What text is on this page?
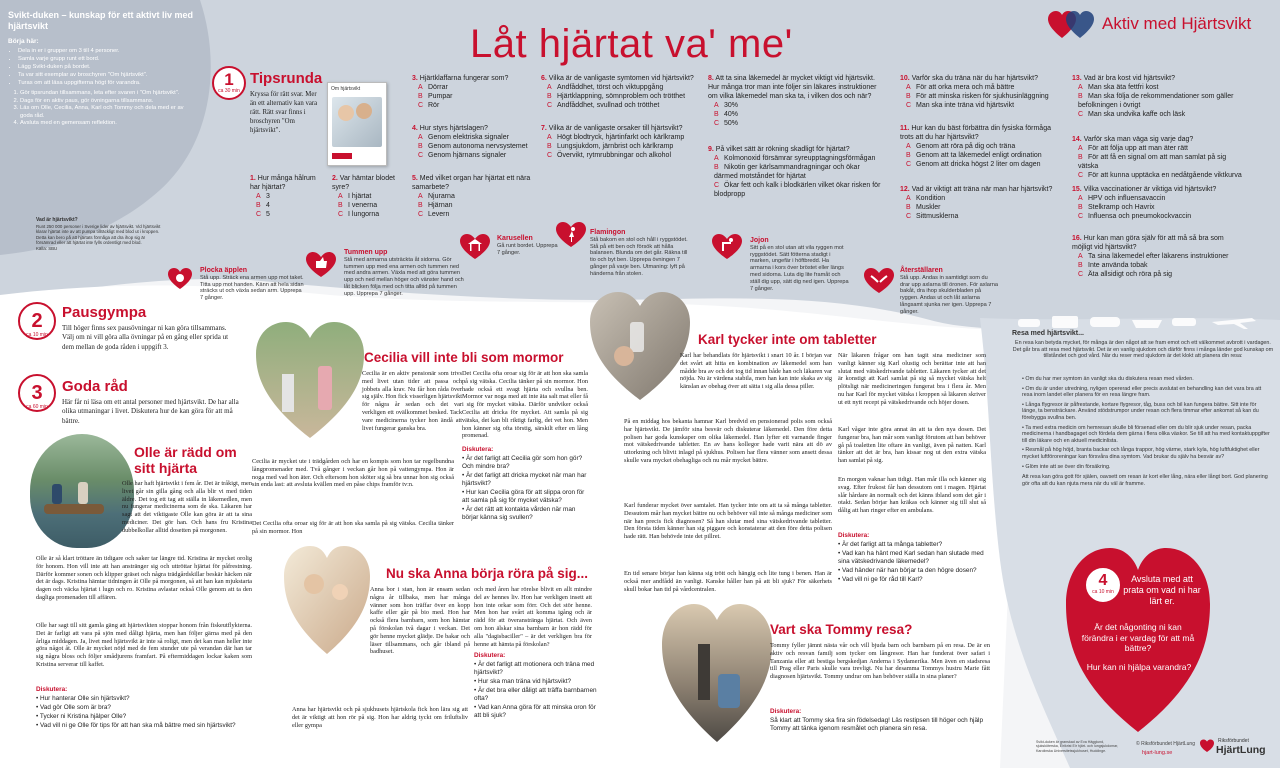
Svikt-duken – kunskap för ett aktivt liv med hjärtsvikt
Börja här:
• Dela in er i grupper om 3 till 4 personer.
• Samla varje grupp runt ett bord.
• Lägg Svikt-duken på bordet.
• Ta var sitt exemplar av broschyren "Om hjärtsvikt".
• Turas om att läsa uppgifterna högt för varandra.
1. Gör tipsrundan tillsammans, leta efter svaren i "Om hjärtsvikt".
2. Dags för en aktiv paus, gör övningarna tillsammans.
3. Läs om Olle, Cecilia, Anna, Karl och Tommy och dela med er av goda råd.
4. Avsluta med en gemensam reflektion.
Vad är hjärtsvikt?
Runt 250 000 personer i Sverige lider av hjärtsvikt. Vid hjärtsvikt klarar hjärtat inte av att pumpa tillräckligt med blod ut i kroppen. Detta kan bero på att hjärtats förmåga att dra ihop sig är försämrad eller att hjärtat inte fylls ordentligt med blod.
Källa: SBU
Låt hjärtat va' me'	Aktiv med Hjärtsvikt
1
ca 30 min
Tipsrunda
Kryssa för rätt svar. Mer än ett alternativ kan vara rätt. Rätt svar finns i broschyren "Om hjärtsvikt".
Om hjärtsvikt
1. Hur många hålrum har hjärtat?
A 3
B 4
C 5
2. Var hämtar blodet syre?
A I hjärtat
B I venerna
C I lungorna
3. Hjärtklaffarna fungerar som?
A Dörrar
B Pumpar
C Rör
4. Hur styrs hjärtslagen?
A Genom elektriska signaler
B Genom autonoma nervsystemet
C Genom hjärnans signaler
5. Med vilket organ har hjärtat ett nära samarbete?
A Njurarna
B Hjärnan
C Levern
6. Vilka är de vanligaste symtomen vid hjärtsvikt?
A Andfåddhet, törst och viktuppgång
B Hjärtklappning, sömnproblem och trötthet
C Andfåddhet, svullnad och trötthet
7. Vilka är de vanligaste orsaker till hjärtsvikt?
A Högt blodtryck, hjärtinfarkt och kärlkramp
B Lungsjukdom, järnbrist och kärlkramp
C Övervikt, rytmrubbningar och alkohol
8. Att ta sina läkemedel är mycket viktigt vid hjärtsvikt. Hur många tror man inte följer sin läkares instruktioner om vilka läkemedel man ska ta, i vilken dos och när?
A 30%
B 40%
C 50%
9. På vilket sätt är rökning skadligt för hjärtat?
A Kolmonoxid försämrar syreupptagningsförmågan
B Nikotin ger kärlsammandragningar och ökar därmed motståndet för hjärtat
C Ökar fett och kalk i blodkärlen vilket ökar risken för blodpropp
10. Varför ska du träna när du har hjärtsvikt?
A För att orka mera och må bättre
B För att minska risken för sjukhusinläggning
C Man ska inte träna vid hjärtsvikt
11. Hur kan du bäst förbättra din fysiska förmåga trots att du har hjärtsvikt?
A Genom att röra på dig och träna
B Genom att ta läkemedel enligt ordination
C Genom att dricka högst 2 liter om dagen
12. Vad är viktigt att träna när man har hjärtsvikt?
A Kondition
B Muskler
C Sittmusklerna
13. Vad är bra kost vid hjärtsvikt?
A Man ska äta fettfri kost
B Man ska följa de rekommendationer som gäller befolkningen i övrigt
C Man ska undvika kaffe och läsk
14. Varför ska man väga sig varje dag?
A För att följa upp att man äter rätt
B För att få en signal om att man samlat på sig vätska
C För att kunna upptäcka en nedåtgående viktkurva
15. Vilka vaccinationer är viktiga vid hjärtsvikt?
A HPV och influensavaccin
B Stelkramp och Havrix
C Influensa och pneumokockvaccin
16. Hur kan man göra själv för att må så bra som möjligt vid hjärtsvikt?
A Ta sina läkemedel efter läkarens instruktioner
B Inte använda tobak
C Äta allsidigt och röra på sig
2
ca 10 min
Pausgympa
Till höger finns sex pausövningar ni kan göra tillsammans. Välj om ni vill göra alla övningar på en gång eller sprida ut dem mellan de goda råden i uppgift 3.
3
ca 60 min
Goda råd
Här får ni läsa om ett antal personer med hjärtsvikt. De har alla olika utmaningar i livet. Diskutera hur de kan göra för att må bättre.
Plocka äpplen
Stå upp. Sträck ena armen upp mot taket. Titta upp mot handen. Känn att hela sidan sträcks ut och växla sedan arm. Upprepa 7 gånger.
Tummen upp
Stå med armarna utsträckta åt sidorna. Gör tummen upp med ena armen och tummen ned med andra armen. Växla med att göra tummen upp och ned mellan höger och vänster hand och låt blicken följa med och titta alltid på tummen upp. Upprepa 7 gånger.
Karusellen
Gå runt bordet. Upprepa 7 gånger.
Flamingon
Stå bakom en stol och håll i ryggstödet. Stå på ett ben och försök att hålla balansen. Blunda om det går. Räkna till tio och byt ben. Upprepa övningen 7 gånger på varje ben. Utmaning: lyft på händerna från stolen.
Jojon
Sitt på en stol utan att vila ryggen mot ryggstödet. Sätt fötterna stadigt i marken, ungefär i höftbredd. Ha armarna i kors över bröstet eller längs med sidorna. Luta dig lite framåt och ställ dig upp, sätt dig ned igen. Upprepa 7 gånger.
Återställaren
Stå upp. Andas in samtidigt som du drar upp axlarna till öronen. För axlarna bakåt, dra ihop skulderbladen på ryggen. Andas ut och låt axlarna långsamt sjunka ner igen. Upprepa 7 gånger.
Olle är rädd om sitt hjärta
Olle har haft hjärtsvikt i fem år. Det är tråkigt, men livet går sin gilla gång och alla blir vi med tiden äldre. Det tog ett tag att ställa in läkemedlen, men nu fungerar medicinerna som de ska. Läkaren har sagt att det viktigaste Olle kan göra är att ta sina mediciner. Det gör han. Och hans fru Kristina dubbelkollar alltid dosetten på morgonen.
Olle är så klart tröttare än tidigare och saker tar längre tid. Kristina är mycket orolig för honom. Hon vill inte att han anstränger sig och uttröttar hjärtat för påfrestning. Därför kommer sonen och klipper gräset och några trädgårdskillar beskär häcken när det är dags. Kristina hämtar tidningen åt Olle på morgonen, så att han kan mjukstarta dagen och väcka hjärtat i lugn och ro. Kristina avlastar också Olle genom att ta den dagliga promenaden till affären.
Olle har sagt till sitt gamla gäng att hjärtsvikten stoppar honom från fiskeutflykterna. Det är farligt att vara på sjön med dåligt hjärta, men han följer gärna med på den årliga middagen. Ja, livet med hjärtsvikt är inte så roligt, men det kan man heller inte göra något åt. Olle är mycket nöjd med de fem stunder ute på verandan där han tar sig några bloss och följer smådjurens framfart. På eftermiddagen lockar kaken som Kristina serverar till kaffet.
Diskutera:
• Hur hanterar Olle sin hjärtsvikt?
• Vad gör Olle som är bra?
• Tycker ni Kristina hjälper Olle?
• Vad vill ni ge Olle för tips för att han ska må bättre med sin hjärtsvikt?
Cecilia vill inte bli som mormor
Cecilia är en aktiv pensionär som trivs med livet utan tider att passa och jobbets alla krav. Nu får hon råda över sig själv. Hon fick visserligen hjärtsvikt för några år sedan och det var verkligen ett ovälkommet besked. Tack vare medicinerna tycker hon ändå att livet fungerar ganska bra.
Cecilia är mycket ute i trädgården och har en kompis som hon tar regelbundna långpromenader med. Två gånger i veckan går hon på vattengympa. Hon är noga med vad hon äter. Och eftersom hon sköter sig så bra unnar hon sig också sin enda last: att avsluta kvällen med en påse chips framför tv:n.
Det Cecilia ofta oroar sig för är att hon ska samla på sig vätska. Cecilia tänker på sin mormor. Hon
Det Cecilia ofta oroar sig för är att hon ska samla på sig vätska. Cecilia tänker på sin mormor. Hon hade också ett svagt hjärta och svullna ben. Mormor var noga med att inte äta salt mat eller få i sig för mycket vätska. Därför undviker också Cecilia att dricka för mycket. Att samla på sig vätska, det kan bli riktigt farlig, det vet hon. Men hon känner sig ofta törstig, särskilt efter en lång promenad.
Diskutera:
• Är det farligt att Cecilia gör som hon gör? Och mindre bra?
• Är det farligt att dricka mycket när man har hjärtsvikt?
• Hur kan Cecilia göra för att slippa oron för att samla på sig för mycket vätska?
• Är det rätt att kontakta vården när man börjar känna sig svullen?
Nu ska Anna börja röra på sig...
Anna bor i stan, hon är ensam sedan några år tillbaka, men har många vänner som hon träffar över en kopp kaffe eller går på bio med. Hon har också flera barnbarn, som hon hämtar på förskolan två dagar i veckan. Det gör henne mycket glädje. De bakar och läser tillsammans, och går ibland på badhuset.
Anna har hjärtsvikt och på sjukhusets hjärtskola fick hon lära sig att det är viktigt att hon rör på sig. Hon har aldrig tyckt om friluftsliv eller gympa
och med åren har rörelse blivit en allt mindre del av hennes liv. Hon har verkligen insett att hon inte orkar som förr. Och det stör henne. Men hon har svårt att komma igång och är rädd för att överanstränga hjärtat. Och även om hon älskar sina barnbarn är hon rädd för alla "dagisbaciller" – är det verkligen bra för henne att hämta på förskolan?
Diskutera:
• Är det farligt att motionera och träna med hjärtsvikt?
• Hur ska man träna vid hjärtsvikt?
• Är det bra eller dåligt att träffa barnbarnen ofta?
• Vad kan Anna göra för att minska oron för att bli sjuk?
Karl tycker inte om tabletter
Karl har behandlats för hjärtsvikt i snart 10 år. I början var det svårt att hitta en kombination av läkemedel som han mådde bra av och det tog tid innan både han och läkaren var nöjda. Nu är värdena stabila, men han kan inte skaka av sig känslan av obehag över att sätta i sig alla dessa piller.
På en middag hos bekanta hamnar Karl bredvid en pensionerad polis som också har hjärtsvikt. De jämför sina besvär och diskuterar läkemedel. Den före detta polisen har goda kunskaper om olika läkemedel. Han lyfter ett varnande finger mot vätskedrivande tabletter. En av hans kollegor hade varit nära att dö av uttorkning och blivit inlagd på sjukhus. Polisen har flera vänner som ansett dessa skulle vara mycket obehagliga och nu mår mycket bättre.
Karl funderar mycket över samtalet. Han tycker inte om att ta så många tabletter. Dessutom mår han mycket bättre nu och behöver väl inte så många mediciner som när han precis fick diagnosen? Så han slutar med sina vätskedrivande tabletter. Den första tiden känner han sig piggare och konstaterar att den före detta polisen hade rätt. Han behövde inte det pillret.
En tid senare börjar han känna sig trött och hängig och lite tung i benen. Han är också mer andfådd än vanligt. Kanske håller han på att bli sjuk? För säkerhets skull bokar han tid på vårdcentralen.
När läkaren frågar om han tagit sina mediciner som vanligt känner sig Karl olustig och berättar inte att han slutat med vätskedrivande tabletter. Läkaren tycker att det är konstigt att Karl samlat på sig så mycket vätska helt plötsligt när medicineringen fungerat bra i flera år. Men nu har Karl för mycket vätska i kroppen så läkaren skriver ut ett nytt recept på vätskedrivande och höjer dosen.
Karl vågar inte göra annat än att ta den nya dosen. Det fungerar bra, han mår som vanligt förutom att han behöver gå på toaletten lite oftare än vanligt, även på natten. Karl tänker att det är bra, han kissar nog ut den extra vätska han samlat på sig.
En morgon vaknar han tidigt. Han mår illa och känner sig svag. Efter frukost får han dessutom ont i magen. Hjärtat slår hårdare än normalt och det känns ibland som det går i otakt. Sedan börjar han kräkas och känner sig till slut så dålig att han ringer efter en ambulans.
Diskutera:
• Är det farligt att ta många tabletter?
• Vad kan ha hänt med Karl sedan han slutade med sina vätskedrivande läkemedel?
• Vad händer när han börjar ta den högre dosen?
• Vad vill ni ge för råd till Karl?
Vart ska Tommy resa?
Tommy fyller jämnt nästa vår och vill bjuda barn och barnbarn på en resa. De är en aktiv och resvan familj som tycker om långresor. Han har funderat över safari i Tanzania eller att bestiga bergskedjan Anderna i Sydamerika. Men även en stadsresa till Prag eller Paris skulle vara trevligt. Nu har desamma Tommys hustru Marie fått diagnosen hjärtsvikt. Tommy undrar om han behöver ställa in sina planer?
Diskutera:
Så klart att Tommy ska fira sin födelsedag! Läs restipsen till höger och hjälp Tommy att tänka igenom resmålet och planera sin resa.
Resa med hjärtsvikt...
En resa kan betyda mycket, för många är den något att se fram emot och ett välkommet avbrott i vardagen. Det går bra att resa med hjärtsvikt. Det är en vanlig sjukdom och därför finns i många länder god kunskap om tillståndet och god vård. När du reser med sjukdom är det klokt att planera din resa:
• Om du har mer symtom än vanligt ska du diskutera resan med vården.
• Om du är under utredning, nyligen opererad eller precis avslutat en behandling kan det vara bra att resa inom landet eller planera för en resa längre fram.
• Långa flygresor är påfrestande, kortare flygresor, tåg, buss och bil kan fungera bättre. Sitt inte för länge, ta bensträckare. Använd stödstrumpor under resan och flera timmar efter ankomst så kan du förebygga svullna ben.
• Ta med extra medicin om hemresan skulle bli försenad eller om du blir sjuk under resan, packa medicinerna i handbagaget och fördela dem gärna i flera olika väskor. Se till att ha med kontaktuppgifter till din läkare och en aktuell medicinlista.
• Resmål på hög höjd, branta backar och långa trappor, hög värme, stark kyla, hög luftfuktighet eller mycket luftföroreningar kan försvåra dina symtom. Vad brukar du själv ha besvär av?
• Glöm inte att se över din försäkring.
Att resa kan göra gott för själen, oavsett om resan är kort eller lång, nära eller långt bort. God planering gör ofta att du kan njuta mera när du väl är framme.
4
ca 10 min
Avsluta med att prata om vad ni har lärt er.
Är det någonting ni kan förändra i er vardag för att må bättre?
Hur kan ni hjälpa varandra?
Svikt-duken är granskad av Eva Hägglund, sjuksköterska, Eirikrist Eir hjärt- och lungsjukdomar, Karolinska Universitetssjukhuset, Huddinge.
© Riksförbundet HjärtLung
hjart-lung.se
Riksförbundet
HjärtLung
